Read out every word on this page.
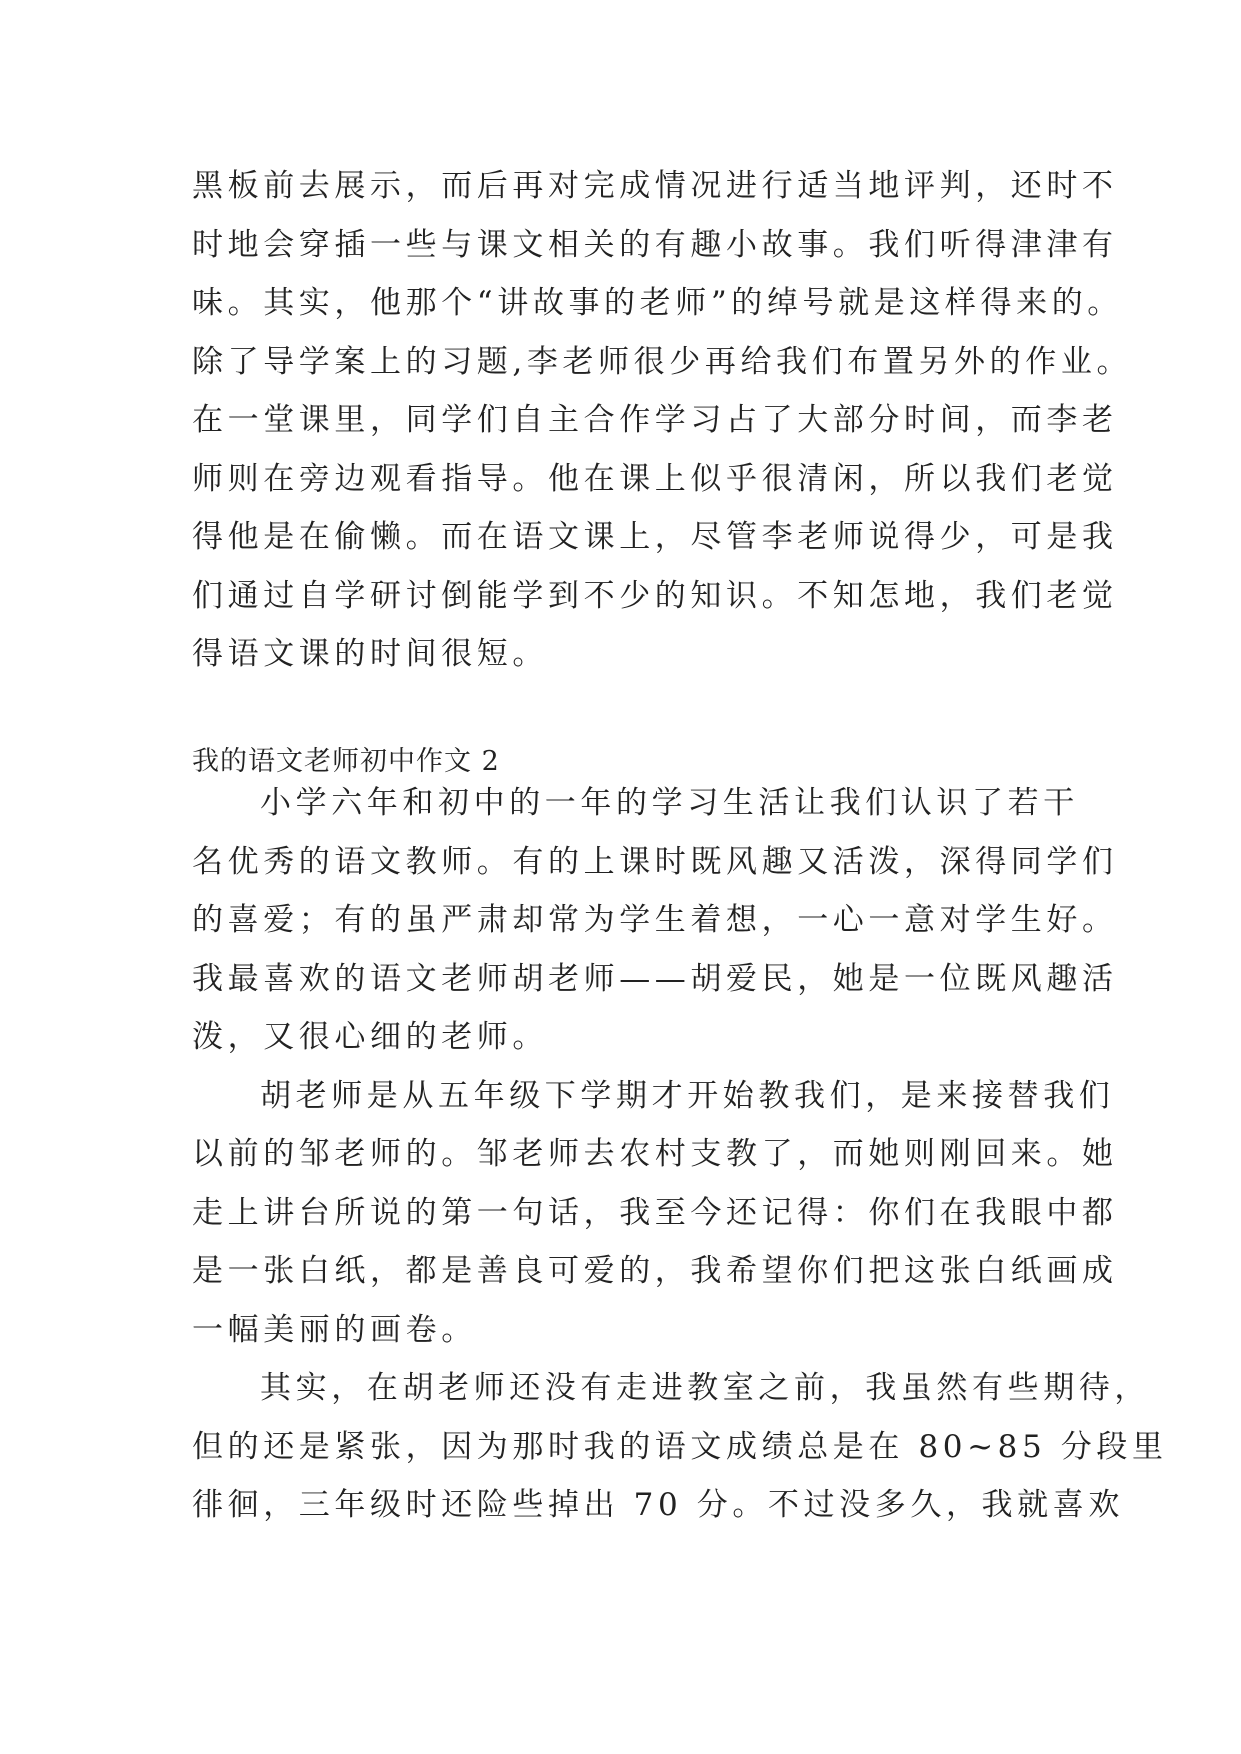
黑板前去展示，而后再对完成情况进行适当地评判，还时不
时地会穿插一些与课文相关的有趣小故事。我们听得津津有
味。其实，他那个“讲故事的老师”的绰号就是这样得来的。
除了导学案上的习题,李老师很少再给我们布置另外的作业。
在一堂课里，同学们自主合作学习占了大部分时间，而李老
师则在旁边观看指导。他在课上似乎很清闲，所以我们老觉
得他是在偷懒。而在语文课上，尽管李老师说得少，可是我
们通过自学研讨倒能学到不少的知识。不知怎地，我们老觉
得语文课的时间很短。
我的语文老师初中作文 2
小学六年和初中的一年的学习生活让我们认识了若干
名优秀的语文教师。有的上课时既风趣又活泼，深得同学们
的喜爱；有的虽严肃却常为学生着想，一心一意对学生好。
我最喜欢的语文老师胡老师——胡爱民，她是一位既风趣活
泼，又很心细的老师。
胡老师是从五年级下学期才开始教我们，是来接替我们
以前的邹老师的。邹老师去农村支教了，而她则刚回来。她
走上讲台所说的第一句话，我至今还记得：你们在我眼中都
是一张白纸，都是善良可爱的，我希望你们把这张白纸画成
一幅美丽的画卷。
其实，在胡老师还没有走进教室之前，我虽然有些期待，
但的还是紧张，因为那时我的语文成绩总是在 80~85 分段里
徘徊，三年级时还险些掉出 70 分。不过没多久，我就喜欢
